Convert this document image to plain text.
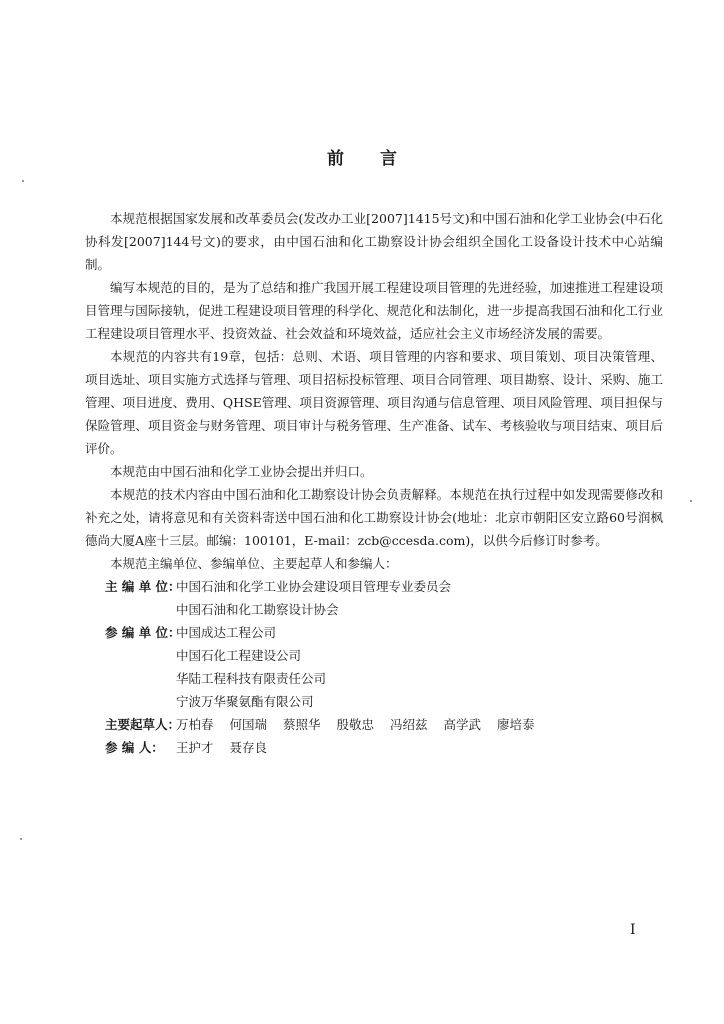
前言

本规范根据国家发展和改革委员会(发改办工业[2007]1415号文)和中国石油和化学工业协会(中石化协科发[2007]144号文)的要求，由中国石油和化工勘察设计协会组织全国化工设备设计技术中心站编制。

编写本规范的目的，是为了总结和推广我国开展工程建设项目管理的先进经验，加速推进工程建设项目管理与国际接轨，促进工程建设项目管理的科学化、规范化和法制化，进一步提高我国石油和化工行业工程建设项目管理水平、投资效益、社会效益和环境效益，适应社会主义市场经济发展的需要。

本规范的内容共有19章，包括：总则、术语、项目管理的内容和要求、项目策划、项目决策管理、项目选址、项目实施方式选择与管理、项目招标投标管理、项目合同管理、项目勘察、设计、采购、施工管理、项目进度、费用、QHSE管理、项目资源管理、项目沟通与信息管理、项目风险管理、项目担保与保险管理、项目资金与财务管理、项目审计与税务管理、生产准备、试车、考核验收与项目结束、项目后评价。

本规范由中国石油和化学工业协会提出并归口。

本规范的技术内容由中国石油和化工勘察设计协会负责解释。本规范在执行过程中如发现需要修改和补充之处，请将意见和有关资料寄送中国石油和化工勘察设计协会(地址：北京市朝阳区安立路60号润枫德尚大厦A座十三层。邮编：100101，E-mail：zcb@ccesda.com)，以供今后修订时参考。

本规范主编单位、参编单位、主要起草人和参编人：

主 编 单 位：
中国石油和化学工业协会建设项目管理专业委员会
中国石油和化工勘察设计协会
参 编 单 位：
中国成达工程公司
中国石化工程建设公司
华陆工程科技有限责任公司
宁波万华聚氨酯有限公司
主要起草人：
万柏春 何国瑞 蔡照华 殷敬忠 冯绍兹 高学武 廖培泰
参 编 人： 王护才 聂存良
I
